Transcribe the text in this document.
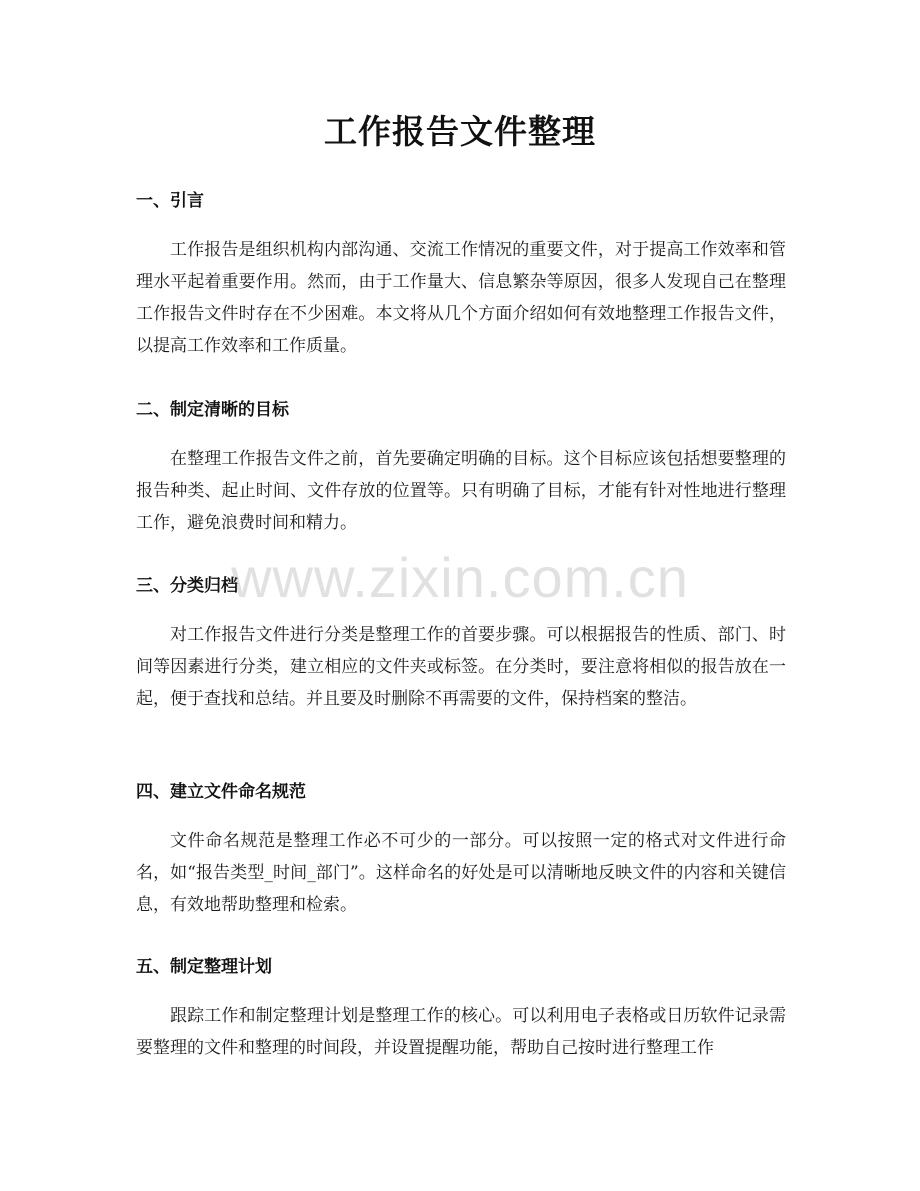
工作报告文件整理
一、引言
工作报告是组织机构内部沟通、交流工作情况的重要文件，对于提高工作效率和管理水平起着重要作用。然而，由于工作量大、信息繁杂等原因，很多人发现自己在整理工作报告文件时存在不少困难。本文将从几个方面介绍如何有效地整理工作报告文件，以提高工作效率和工作质量。
二、制定清晰的目标
在整理工作报告文件之前，首先要确定明确的目标。这个目标应该包括想要整理的报告种类、起止时间、文件存放的位置等。只有明确了目标，才能有针对性地进行整理工作，避免浪费时间和精力。
三、分类归档
对工作报告文件进行分类是整理工作的首要步骤。可以根据报告的性质、部门、时间等因素进行分类，建立相应的文件夹或标签。在分类时，要注意将相似的报告放在一起，便于查找和总结。并且要及时删除不再需要的文件，保持档案的整洁。
四、建立文件命名规范
文件命名规范是整理工作必不可少的一部分。可以按照一定的格式对文件进行命名，如“报告类型_时间_部门”。这样命名的好处是可以清晰地反映文件的内容和关键信息，有效地帮助整理和检索。
五、制定整理计划
跟踪工作和制定整理计划是整理工作的核心。可以利用电子表格或日历软件记录需要整理的文件和整理的时间段，并设置提醒功能，帮助自己按时进行整理工作
www.zixin.com.cn
